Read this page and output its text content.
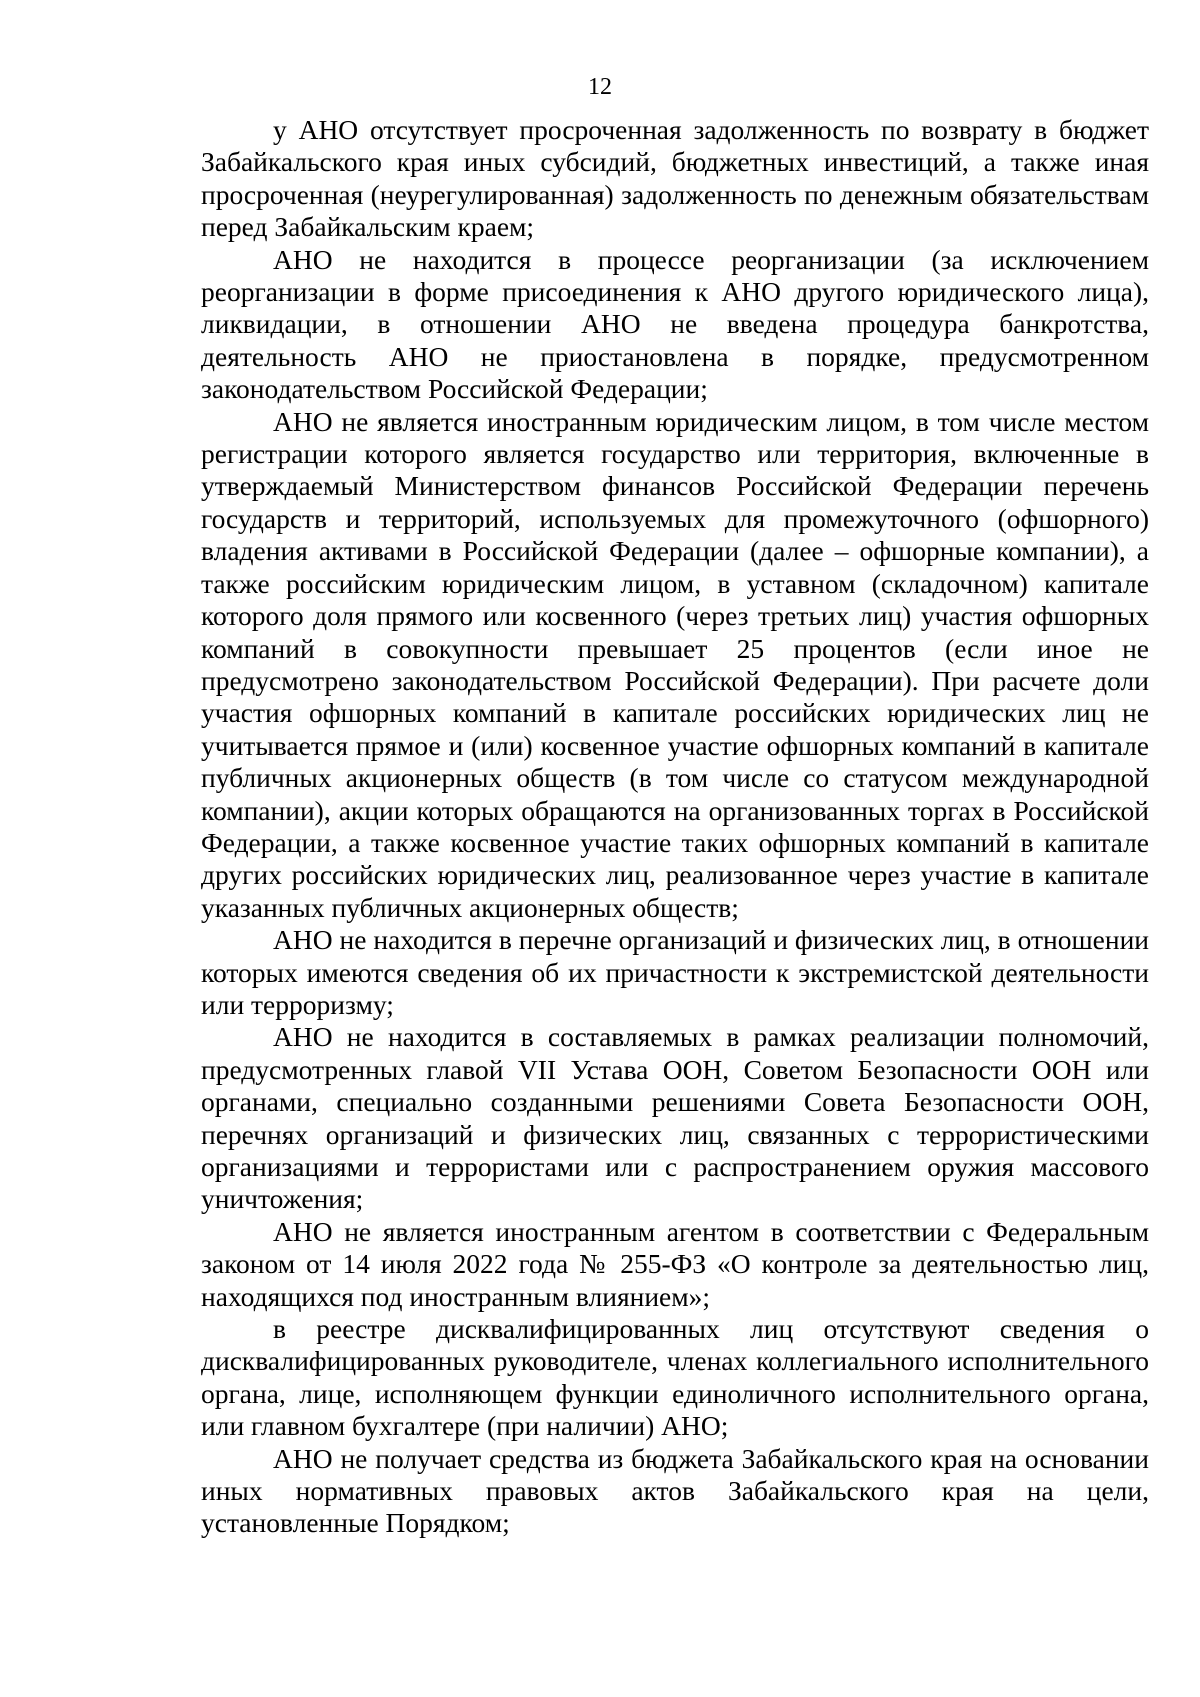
12

у АНО отсутствует просроченная задолженность по возврату в бюджет Забайкальского края иных субсидий, бюджетных инвестиций, а также иная просроченная (неурегулированная) задолженность по денежным обязательствам перед Забайкальским краем;

АНО не находится в процессе реорганизации (за исключением реорганизации в форме присоединения к АНО другого юридического лица), ликвидации, в отношении АНО не введена процедура банкротства, деятельность АНО не приостановлена в порядке, предусмотренном законодательством Российской Федерации;

АНО не является иностранным юридическим лицом, в том числе местом регистрации которого является государство или территория, включенные в утверждаемый Министерством финансов Российской Федерации перечень государств и территорий, используемых для промежуточного (офшорного) владения активами в Российской Федерации (далее – офшорные компании), а также российским юридическим лицом, в уставном (складочном) капитале которого доля прямого или косвенного (через третьих лиц) участия офшорных компаний в совокупности превышает 25 процентов (если иное не предусмотрено законодательством Российской Федерации). При расчете доли участия офшорных компаний в капитале российских юридических лиц не учитывается прямое и (или) косвенное участие офшорных компаний в капитале публичных акционерных обществ (в том числе со статусом международной компании), акции которых обращаются на организованных торгах в Российской Федерации, а также косвенное участие таких офшорных компаний в капитале других российских юридических лиц, реализованное через участие в капитале указанных публичных акционерных обществ;

АНО не находится в перечне организаций и физических лиц, в отношении которых имеются сведения об их причастности к экстремистской деятельности или терроризму;

АНО не находится в составляемых в рамках реализации полномочий, предусмотренных главой VII Устава ООН, Советом Безопасности ООН или органами, специально созданными решениями Совета Безопасности ООН, перечнях организаций и физических лиц, связанных с террористическими организациями и террористами или с распространением оружия массового уничтожения;

АНО не является иностранным агентом в соответствии с Федеральным законом от 14 июля 2022 года № 255-ФЗ «О контроле за деятельностью лиц, находящихся под иностранным влиянием»;

в реестре дисквалифицированных лиц отсутствуют сведения о дисквалифицированных руководителе, членах коллегиального исполнительного органа, лице, исполняющем функции единоличного исполнительного органа, или главном бухгалтере (при наличии) АНО;

АНО не получает средства из бюджета Забайкальского края на основании иных нормативных правовых актов Забайкальского края на цели, установленные Порядком;
